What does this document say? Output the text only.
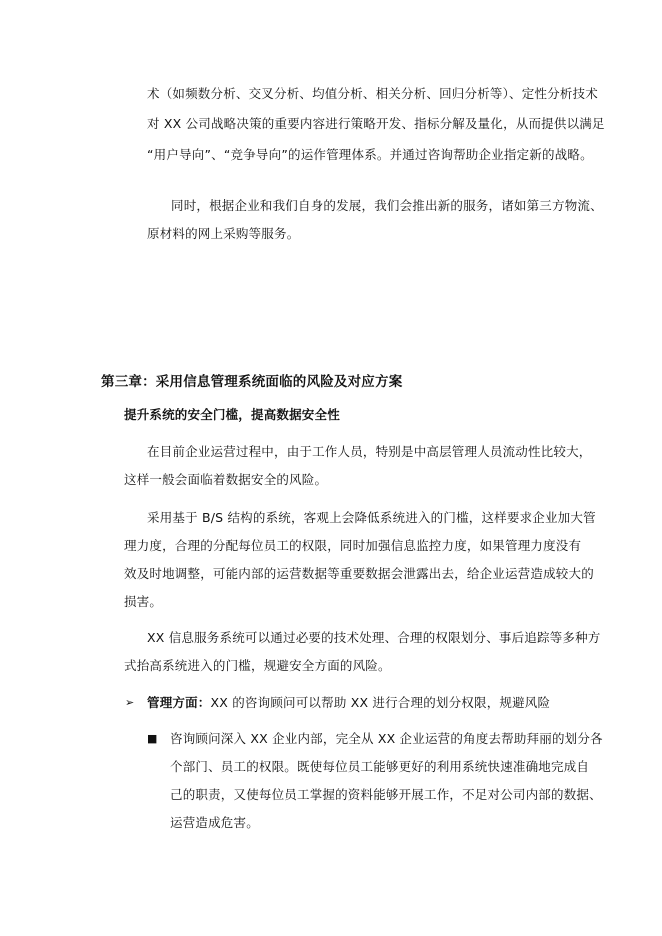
术（如频数分析、交叉分析、均值分析、相关分析、回归分析等）、定性分析技术
对 XX 公司战略决策的重要内容进行策略开发、指标分解及量化，从而提供以满足
“用户导向”、“竞争导向”的运作管理体系。并通过咨询帮助企业指定新的战略。
同时，根据企业和我们自身的发展，我们会推出新的服务，诸如第三方物流、
原材料的网上采购等服务。
第三章：采用信息管理系统面临的风险及对应方案
提升系统的安全门槛，提高数据安全性
在目前企业运营过程中，由于工作人员，特别是中高层管理人员流动性比较大，
这样一般会面临着数据安全的风险。
采用基于 B/S 结构的系统，客观上会降低系统进入的门槛，这样要求企业加大管
理力度，合理的分配每位员工的权限，同时加强信息监控力度，如果管理力度没有
效及时地调整，可能内部的运营数据等重要数据会泄露出去，给企业运营造成较大的
损害。
XX 信息服务系统可以通过必要的技术处理、合理的权限划分、事后追踪等多种方
式抬高系统进入的门槛，规避安全方面的风险。
➢ 管理方面：XX 的咨询顾问可以帮助 XX 进行合理的划分权限，规避风险
■ 咨询顾问深入 XX 企业内部，完全从 XX 企业运营的角度去帮助拜丽的划分各
个部门、员工的权限。既使每位员工能够更好的利用系统快速准确地完成自
己的职责，又使每位员工掌握的资料能够开展工作，不足对公司内部的数据、
运营造成危害。
